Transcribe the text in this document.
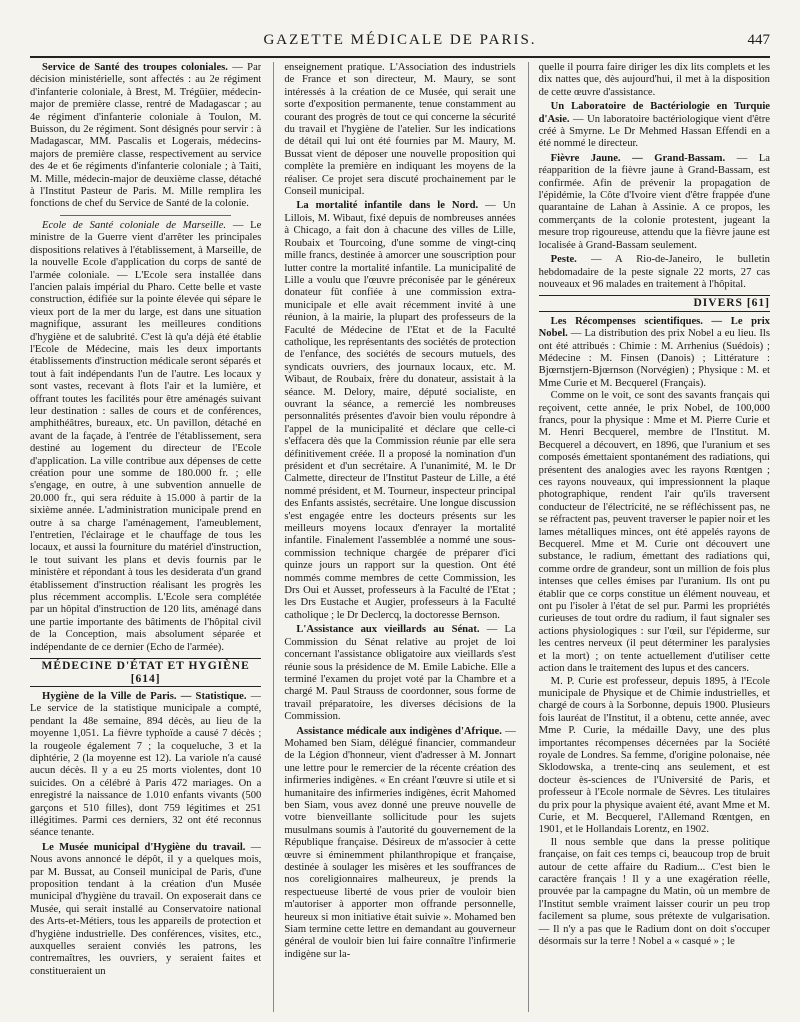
GAZETTE MÉDICALE DE PARIS.	447

Service de Santé des troupes coloniales. — Par décision ministérielle, sont affectés : au 2e régiment d'infanterie coloniale, à Brest, M. Trégüier, médecin-major de première classe, rentré de Madagascar ; au 4e régiment d'infanterie coloniale à Toulon, M. Buisson, du 2e régiment. Sont désignés pour servir : à Madagascar, MM. Pascalis et Logerais, médecins-majors de première classe, respectivement au service des 4e et 6e régiments d'infanterie coloniale ; à Taiti, M. Mille, médecin-major de deuxième classe, détaché à l'Institut Pasteur de Paris. M. Mille remplira les fonctions de chef du Service de Santé de la colonie.

Ecole de Santé coloniale de Marseille. — Le ministre de la Guerre vient d'arrêter les principales dispositions relatives à l'établissement, à Marseille, de la nouvelle Ecole d'application du corps de santé de l'armée coloniale. — L'Ecole sera installée dans l'ancien palais impérial du Pharo. Cette belle et vaste construction, édifiée sur la pointe élevée qui sépare le vieux port de la mer du large, est dans une situation magnifique, assurant les meilleures conditions d'hygiène et de salubrité. C'est là qu'a déjà été établie l'Ecole de Médecine, mais les deux importants établissements d'instruction médicale seront séparés et tout à fait indépendants l'un de l'autre. Les locaux y sont vastes, recevant à flots l'air et la lumière, et offrant toutes les facilités pour être aménagés suivant leur destination : salles de cours et de conférences, amphithéâtres, bureaux, etc. Un pavillon, détaché en avant de la façade, à l'entrée de l'établissement, sera destiné au logement du directeur de l'Ecole d'application. La ville contribue aux dépenses de cette création pour une somme de 180.000 fr. ; elle s'engage, en outre, à une subvention annuelle de 20.000 fr., qui sera réduite à 15.000 à partir de la sixième année. L'administration municipale prend en outre à sa charge l'aménagement, l'ameublement, l'entretien, l'éclairage et le chauffage de tous les locaux, et aussi la fourniture du matériel d'instruction, le tout suivant les plans et devis fournis par le ministère et répondant à tous les desiderata d'un grand établissement d'instruction réalisant les progrès les plus récemment accomplis. L'Ecole sera complétée par un hôpital d'instruction de 120 lits, aménagé dans une partie importante des bâtiments de l'hôpital civil de la Conception, mais absolument séparée et indépendante de ce dernier (Echo de l'armée).

MÉDECINE D'ÉTAT ET HYGIÈNE [614]

Hygiène de la Ville de Paris. — Statistique. — Le service de la statistique municipale a compté, pendant la 48e semaine, 894 décès, au lieu de la moyenne 1,051. La fièvre typhoïde a causé 7 décès ; la rougeole également 7 ; la coqueluche, 3 et la diphtérie, 2 (la moyenne est 12). La variole n'a causé aucun décès. Il y a eu 25 morts violentes, dont 10 suicides. On a célébré à Paris 472 mariages. On a enregistré la naissance de 1.010 enfants vivants (500 garçons et 510 filles), dont 759 légitimes et 251 illégitimes. Parmi ces derniers, 32 ont été reconnus séance tenante.

Le Musée municipal d'Hygiène du travail. — Nous avons annoncé le dépôt, il y a quelques mois, par M. Bussat, au Conseil municipal de Paris, d'une proposition tendant à la création d'un Musée municipal d'hygiène du travail. On exposerait dans ce Musée, qui serait installé au Conservatoire national des Arts-et-Métiers, tous les appareils de protection et d'hygiène industrielle. Des conférences, visites, etc., auxquelles seraient conviés les patrons, les contremaîtres, les ouvriers, y seraient faites et constitueraient un

enseignement pratique. L'Association des industriels de France et son directeur, M. Maury, se sont intéressés à la création de ce Musée, qui serait une sorte d'exposition permanente, tenue constamment au courant des progrès de tout ce qui concerne la sécurité du travail et l'hygiène de l'atelier. Sur les indications de détail qui lui ont été fournies par M. Maury, M. Bussat vient de déposer une nouvelle proposition qui complète la première en indiquant les moyens de la réaliser. Ce projet sera discuté prochainement par le Conseil municipal.

La mortalité infantile dans le Nord. — Un Lillois, M. Wibaut, fixé depuis de nombreuses années à Chicago, a fait don à chacune des villes de Lille, Roubaix et Tourcoing, d'une somme de vingt-cinq mille francs, destinée à amorcer une souscription pour lutter contre la mortalité infantile. La municipalité de Lille a voulu que l'œuvre préconisée par le généreux donateur fût confiée à une commission extra-municipale et elle avait récemment invité à une réunion, à la mairie, la plupart des professeurs de la Faculté de Médecine de l'Etat et de la Faculté catholique, les représentants des sociétés de protection de l'enfance, des sociétés de secours mutuels, des syndicats ouvriers, des journaux locaux, etc. M. Wibaut, de Roubaix, frère du donateur, assistait à la séance. M. Delory, maire, député socialiste, en ouvrant la séance, a remercié les nombreuses personnalités présentes d'avoir bien voulu répondre à l'appel de la municipalité et déclare que celle-ci s'effacera dès que la Commission réunie par elle sera définitivement créée. Il a proposé la nomination d'un président et d'un secrétaire. A l'unanimité, M. le Dr Calmette, directeur de l'Institut Pasteur de Lille, a été nommé président, et M. Tourneur, inspecteur principal des Enfants assistés, secrétaire. Une longue discussion s'est engagée entre les docteurs présents sur les meilleurs moyens locaux d'enrayer la mortalité infantile. Finalement l'assemblée a nommé une sous-commission technique chargée de préparer d'ici quinze jours un rapport sur la question. Ont été nommés comme membres de cette Commission, les Drs Oui et Ausset, professeurs à la Faculté de l'Etat ; les Drs Eustache et Augier, professeurs à la Faculté catholique ; le Dr Declercq, la doctoresse Bernson.

L'Assistance aux vieillards au Sénat. — La Commission du Sénat relative au projet de loi concernant l'assistance obligatoire aux vieillards s'est réunie sous la présidence de M. Emile Labiche. Elle a terminé l'examen du projet voté par la Chambre et a chargé M. Paul Strauss de coordonner, sous forme de travail préparatoire, les diverses décisions de la Commission.

Assistance médicale aux indigènes d'Afrique. — Mohamed ben Siam, délégué financier, commandeur de la Légion d'honneur, vient d'adresser à M. Jonnart une lettre pour le remercier de la récente création des infirmeries indigènes. « En créant l'œuvre si utile et si humanitaire des infirmeries indigènes, écrit Mahomed ben Siam, vous avez donné une preuve nouvelle de votre bienveillante sollicitude pour les sujets musulmans soumis à l'autorité du gouvernement de la République française. Désireux de m'associer à cette œuvre si éminemment philanthropique et française, destinée à soulager les misères et les souffrances de nos coreligionnaires malheureux, je prends la respectueuse liberté de vous prier de vouloir bien m'autoriser à apporter mon offrande personnelle, heureux si mon initiative était suivie ». Mohamed ben Siam termine cette lettre en demandant au gouverneur général de vouloir bien lui faire connaître l'infirmerie indigène sur la-

quelle il pourra faire diriger les dix lits complets et les dix nattes que, dès aujourd'hui, il met à la disposition de cette œuvre d'assistance.

Un Laboratoire de Bactériologie en Turquie d'Asie. — Un laboratoire bactériologique vient d'être créé à Smyrne. Le Dr Mehmed Hassan Effendi en a été nommé le directeur.

Fièvre Jaune. — Grand-Bassam. — La réapparition de la fièvre jaune à Grand-Bassam, est confirmée. Afin de prévenir la propagation de l'épidémie, la Côte d'Ivoire vient d'être frappée d'une quarantaine de Lahan à Assinie. A ce propos, les commerçants de la colonie protestent, jugeant la mesure trop rigoureuse, attendu que la fièvre jaune est localisée à Grand-Bassam seulement.

Peste. — A Rio-de-Janeiro, le bulletin hebdomadaire de la peste signale 22 morts, 27 cas nouveaux et 96 malades en traitement à l'hôpital.

DIVERS [61]

Les Récompenses scientifiques. — Le prix Nobel. — La distribution des prix Nobel a eu lieu. Ils ont été attribués : Chimie : M. Arrhenius (Suédois) ; Médecine : M. Finsen (Danois) ; Littérature : Bjœrnstjern-Bjœrnson (Norvégien) ; Physique : M. et Mme Curie et M. Becquerel (Français).

Comme on le voit, ce sont des savants français qui reçoivent, cette année, le prix Nobel, de 100,000 francs, pour la physique : Mme et M. Pierre Curie et M. Henri Becquerel, membre de l'Institut. M. Becquerel a découvert, en 1896, que l'uranium et ses composés émettaient spontanément des radiations, qui présentent des analogies avec les rayons Rœntgen ; ces rayons nouveaux, qui impressionnent la plaque photographique, rendent l'air qu'ils traversent conducteur de l'électricité, ne se réfléchissent pas, ne se réfractent pas, peuvent traverser le papier noir et les lames métalliques minces, ont été appelés rayons de Becquerel. Mme et M. Curie ont découvert une substance, le radium, émettant des radiations qui, comme ordre de grandeur, sont un million de fois plus intenses que celles émises par l'uranium. Ils ont pu établir que ce corps constitue un élément nouveau, et ont pu l'isoler à l'état de sel pur. Parmi les propriétés curieuses de tout ordre du radium, il faut signaler ses actions physiologiques : sur l'œil, sur l'épiderme, sur les centres nerveux (il peut déterminer les paralysies et la mort) ; on tente actuellement d'utiliser cette action dans le traitement des lupus et des cancers.

M. P. Curie est professeur, depuis 1895, à l'Ecole municipale de Physique et de Chimie industrielles, et chargé de cours à la Sorbonne, depuis 1900. Plusieurs fois lauréat de l'Institut, il a obtenu, cette année, avec Mme P. Curie, la médaille Davy, une des plus importantes récompenses décernées par la Société royale de Londres. Sa femme, d'origine polonaise, née Sklodowska, a trente-cinq ans seulement, et est docteur ès-sciences de l'Université de Paris, et professeur à l'Ecole normale de Sèvres. Les titulaires du prix pour la physique avaient été, avant Mme et M. Curie, et M. Becquerel, l'Allemand Rœntgen, en 1901, et le Hollandais Lorentz, en 1902.

Il nous semble que dans la presse politique française, on fait ces temps ci, beaucoup trop de bruit autour de cette affaire du Radium... C'est bien le caractère français ! Il y a une exagération réelle, prouvée par la campagne du Matin, où un membre de l'Institut semble vraiment laisser courir un peu trop facilement sa plume, sous prétexte de vulgarisation. — Il n'y a pas que le Radium dont on doit s'occuper désormais sur la terre ! Nobel a « casqué » ; le
